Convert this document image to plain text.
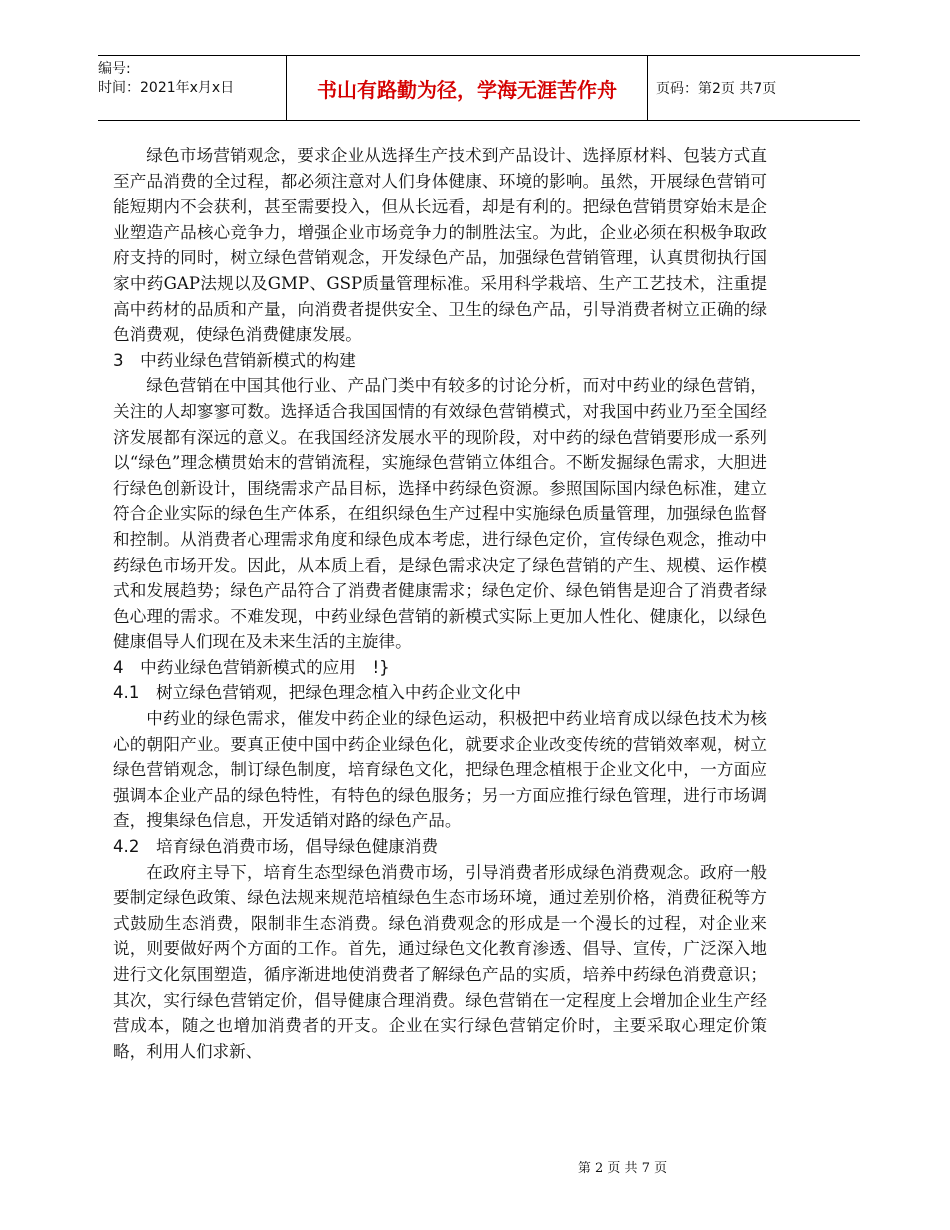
编号:
时间：2021年x月x日	书山有路勤为径，学海无涯苦作舟	页码：第2页 共7页

绿色市场营销观念，要求企业从选择生产技术到产品设计、选择原材料、包装方式直至产品消费的全过程，都必须注意对人们身体健康、环境的影响。虽然，开展绿色营销可能短期内不会获利，甚至需要投入，但从长远看，却是有利的。把绿色营销贯穿始末是企业塑造产品核心竞争力，增强企业市场竞争力的制胜法宝。为此，企业必须在积极争取政府支持的同时，树立绿色营销观念，开发绿色产品，加强绿色营销管理，认真贯彻执行国家中药GAP法规以及GMP、GSP质量管理标准。采用科学栽培、生产工艺技术，注重提高中药材的品质和产量，向消费者提供安全、卫生的绿色产品，引导消费者树立正确的绿色消费观，使绿色消费健康发展。

3　中药业绿色营销新模式的构建

绿色营销在中国其他行业、产品门类中有较多的讨论分析，而对中药业的绿色营销，关注的人却寥寥可数。选择适合我国国情的有效绿色营销模式，对我国中药业乃至全国经济发展都有深远的意义。在我国经济发展水平的现阶段，对中药的绿色营销要形成一系列以“绿色”理念横贯始末的营销流程，实施绿色营销立体组合。不断发掘绿色需求，大胆进行绿色创新设计，围绕需求产品目标，选择中药绿色资源。参照国际国内绿色标准，建立符合企业实际的绿色生产体系，在组织绿色生产过程中实施绿色质量管理，加强绿色监督和控制。从消费者心理需求角度和绿色成本考虑，进行绿色定价，宣传绿色观念，推动中药绿色市场开发。因此，从本质上看，是绿色需求决定了绿色营销的产生、规模、运作模式和发展趋势；绿色产品符合了消费者健康需求；绿色定价、绿色销售是迎合了消费者绿色心理的需求。不难发现，中药业绿色营销的新模式实际上更加人性化、健康化，以绿色健康倡导人们现在及未来生活的主旋律。

4　中药业绿色营销新模式的应用　!}

4.1　树立绿色营销观，把绿色理念植入中药企业文化中

中药业的绿色需求，催发中药企业的绿色运动，积极把中药业培育成以绿色技术为核心的朝阳产业。要真正使中国中药企业绿色化，就要求企业改变传统的营销效率观，树立绿色营销观念，制订绿色制度，培育绿色文化，把绿色理念植根于企业文化中，一方面应强调本企业产品的绿色特性，有特色的绿色服务；另一方面应推行绿色管理，进行市场调查，搜集绿色信息，开发适销对路的绿色产品。

4.2　培育绿色消费市场，倡导绿色健康消费

在政府主导下，培育生态型绿色消费市场，引导消费者形成绿色消费观念。政府一般要制定绿色政策、绿色法规来规范培植绿色生态市场环境，通过差别价格，消费征税等方式鼓励生态消费，限制非生态消费。绿色消费观念的形成是一个漫长的过程，对企业来说，则要做好两个方面的工作。首先，通过绿色文化教育渗透、倡导、宣传，广泛深入地进行文化氛围塑造，循序渐进地使消费者了解绿色产品的实质，培养中药绿色消费意识；其次，实行绿色营销定价，倡导健康合理消费。绿色营销在一定程度上会增加企业生产经营成本，随之也增加消费者的开支。企业在实行绿色营销定价时，主要采取心理定价策略，利用人们求新、

第 2 页 共 7 页
